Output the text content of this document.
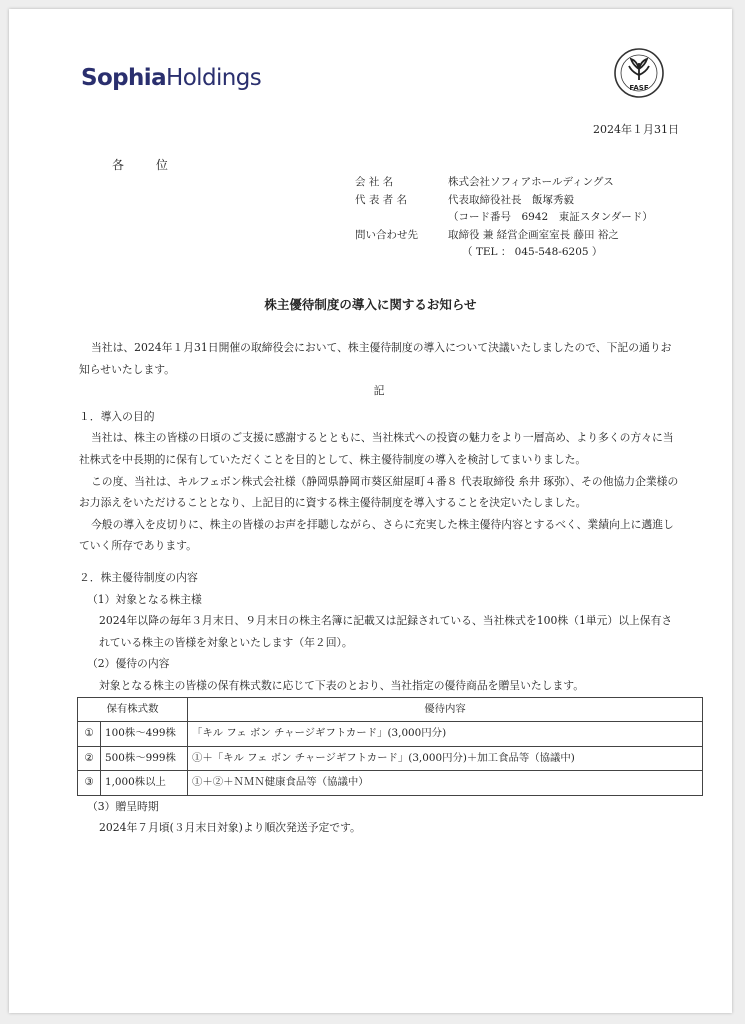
SophiaHoldings	FASF
2024年１月31日
各 位
会 社 名	株式会社ソフィアホールディングス
代 表 者 名	代表取締役社長　飯塚秀毅
（コード番号　6942　東証スタンダード）
問い合わせ先	取締役 兼 経営企画室室長 藤田 裕之
（ TEL ： 045-548-6205 ）
株主優待制度の導入に関するお知らせ
当社は、2024年１月31日開催の取締役会において、株主優待制度の導入について決議いたしましたので、下記の通りお知らせいたします。
記
１．導入の目的
当社は、株主の皆様の日頃のご支援に感謝するとともに、当社株式への投資の魅力をより一層高め、より多くの方々に当社株式を中長期的に保有していただくことを目的として、株主優待制度の導入を検討してまいりました。
この度、当社は、キルフェボン株式会社様（静岡県静岡市葵区紺屋町４番８ 代表取締役 糸井 琢弥）、その他協力企業様のお力添えをいただけることとなり、上記目的に資する株主優待制度を導入することを決定いたしました。
今般の導入を皮切りに、株主の皆様のお声を拝聴しながら、さらに充実した株主優待内容とするべく、業績向上に邁進していく所存であります。
２．株主優待制度の内容
（1）対象となる株主様
2024年以降の毎年３月末日、９月末日の株主名簿に記載又は記録されている、当社株式を100株（1単元）以上保有されている株主の皆様を対象といたします（年２回）。
（2）優待の内容
対象となる株主の皆様の保有株式数に応じて下表のとおり、当社指定の優待商品を贈呈いたします。
保有株式数		優待内容
①	100株～499株	「キル フェ ボン チャージギフトカード」(3,000円分)
②	500株～999株	①＋「キル フェ ボン チャージギフトカード」(3,000円分)＋加工食品等（協議中)
③	1,000株以上	①＋②＋ＮＭＮ健康食品等（協議中）
（3）贈呈時期
2024年７月頃(３月末日対象)より順次発送予定です。
